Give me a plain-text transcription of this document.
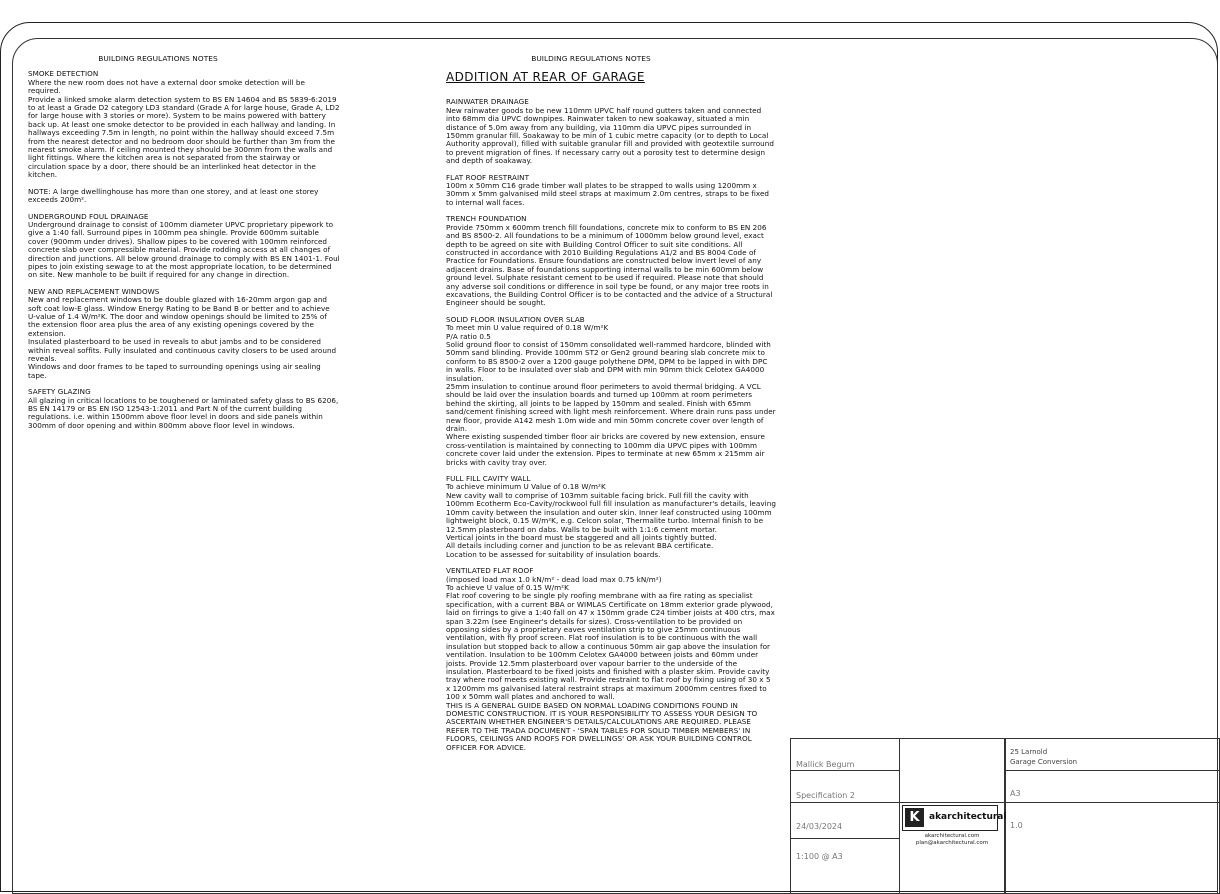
BUILDING REGULATIONS NOTES
SMOKE DETECTION

Where the new room does not have a external door smoke detection will be required.

Provide a linked smoke alarm detection system to BS EN 14604 and BS 5839-6:2019 to at least a Grade D2 category LD3 standard (Grade A for large house, Grade A, LD2 for large house with 3 stories or more). System to be mains powered with battery back up. At least one smoke detector to be provided in each hallway and landing. In hallways exceeding 7.5m in length, no point within the hallway should exceed 7.5m from the nearest detector and no bedroom door should be further than 3m from the nearest smoke alarm. If ceiling mounted they should be 300mm from the walls and light fittings. Where the kitchen area is not separated from the stairway or circulation space by a door, there should be an interlinked heat detector in the kitchen.

NOTE: A large dwellinghouse has more than one storey, and at least one storey exceeds 200m².

UNDERGROUND FOUL DRAINAGE

Underground drainage to consist of 100mm diameter UPVC proprietary pipework to give a 1:40 fall. Surround pipes in 100mm pea shingle. Provide 600mm suitable cover (900mm under drives). Shallow pipes to be covered with 100mm reinforced concrete slab over compressible material. Provide rodding access at all changes of direction and junctions. All below ground drainage to comply with BS EN 1401-1. Foul pipes to join existing sewage to at the most appropriate location, to be determined on site. New manhole to be built if required for any change in direction.

NEW AND REPLACEMENT WINDOWS

New and replacement windows to be double glazed with 16-20mm argon gap and soft coat low-E glass. Window Energy Rating to be Band B or better and to achieve U-value of 1.4 W/m²K. The door and window openings should be limited to 25% of the extension floor area plus the area of any existing openings covered by the extension.

Insulated plasterboard to be used in reveals to abut jambs and to be considered within reveal soffits. Fully insulated and continuous cavity closers to be used around reveals.

Windows and door frames to be taped to surrounding openings using air sealing tape.

SAFETY GLAZING

All glazing in critical locations to be toughened or laminated safety glass to BS 6206, BS EN 14179 or BS EN ISO 12543-1:2011 and Part N of the current building regulations. i.e. within 1500mm above floor level in doors and side panels within 300mm of door opening and within 800mm above floor level in windows.

BUILDING REGULATIONS NOTES
ADDITION AT REAR OF GARAGE
RAINWATER DRAINAGE

New rainwater goods to be new 110mm UPVC half round gutters taken and connected into 68mm dia UPVC downpipes. Rainwater taken to new soakaway, situated a min distance of 5.0m away from any building, via 110mm dia UPVC pipes surrounded in 150mm granular fill. Soakaway to be min of 1 cubic metre capacity (or to depth to Local Authority approval), filled with suitable granular fill and provided with geotextile surround to prevent migration of fines. If necessary carry out a porosity test to determine design and depth of soakaway.

FLAT ROOF RESTRAINT

100m x 50mm C16 grade timber wall plates to be strapped to walls using 1200mm x 30mm x 5mm galvanised mild steel straps at maximum 2.0m centres, straps to be fixed to internal wall faces.

TRENCH FOUNDATION

Provide 750mm x 600mm trench fill foundations, concrete mix to conform to BS EN 206 and BS 8500-2. All foundations to be a minimum of 1000mm below ground level, exact depth to be agreed on site with Building Control Officer to suit site conditions. All constructed in accordance with 2010 Building Regulations A1/2 and BS 8004 Code of Practice for Foundations. Ensure foundations are constructed below invert level of any adjacent drains. Base of foundations supporting internal walls to be min 600mm below ground level. Sulphate resistant cement to be used if required. Please note that should any adverse soil conditions or difference in soil type be found, or any major tree roots in excavations, the Building Control Officer is to be contacted and the advice of a Structural Engineer should be sought.

SOLID FLOOR INSULATION OVER SLAB

To meet min U value required of 0.18 W/m²K

P/A ratio 0.5

Solid ground floor to consist of 150mm consolidated well-rammed hardcore, blinded with 50mm sand blinding. Provide 100mm ST2 or Gen2 ground bearing slab concrete mix to conform to BS 8500-2 over a 1200 gauge polythene DPM, DPM to be lapped in with DPC in walls. Floor to be insulated over slab and DPM with min 90mm thick Celotex GA4000 insulation.

25mm insulation to continue around floor perimeters to avoid thermal bridging. A VCL should be laid over the insulation boards and turned up 100mm at room perimeters behind the skirting, all joints to be lapped by 150mm and sealed. Finish with 65mm sand/cement finishing screed with light mesh reinforcement. Where drain runs pass under new floor, provide A142 mesh 1.0m wide and min 50mm concrete cover over length of drain.

Where existing suspended timber floor air bricks are covered by new extension, ensure cross-ventilation is maintained by connecting to 100mm dia UPVC pipes with 100mm concrete cover laid under the extension. Pipes to terminate at new 65mm x 215mm air bricks with cavity tray over.

FULL FILL CAVITY WALL

To achieve minimum U Value of 0.18 W/m²K

New cavity wall to comprise of 103mm suitable facing brick. Full fill the cavity with 100mm Ecotherm Eco-Cavity/rockwool full fill insulation as manufacturer's details, leaving 10mm cavity between the insulation and outer skin. Inner leaf constructed using 100mm lightweight block, 0.15 W/m²K, e.g. Celcon solar, Thermalite turbo. Internal finish to be 12.5mm plasterboard on dabs. Walls to be built with 1:1:6 cement mortar.

Vertical joints in the board must be staggered and all joints tightly butted.

All details including corner and junction to be as relevant BBA certificate.

Location to be assessed for suitability of insulation boards.

VENTILATED FLAT ROOF

(imposed load max 1.0 kN/m² - dead load max 0.75 kN/m²)

To achieve U value of 0.15 W/m²K

Flat roof covering to be single ply roofing membrane with aa fire rating as specialist specification, with a current BBA or WIMLAS Certificate on 18mm exterior grade plywood, laid on firrings to give a 1:40 fall on 47 x 150mm grade C24 timber joists at 400 ctrs, max span 3.22m (see Engineer's details for sizes). Cross-ventilation to be provided on opposing sides by a proprietary eaves ventilation strip to give 25mm continuous ventilation, with fly proof screen. Flat roof insulation is to be continuous with the wall insulation but stopped back to allow a continuous 50mm air gap above the insulation for ventilation. Insulation to be 100mm Celotex GA4000 between joists and 60mm under joists. Provide 12.5mm plasterboard over vapour barrier to the underside of the insulation. Plasterboard to be fixed joists and finished with a plaster skim. Provide cavity tray where roof meets existing wall. Provide restraint to flat roof by fixing using of 30 x 5 x 1200mm ms galvanised lateral restraint straps at maximum 2000mm centres fixed to 100 x 50mm wall plates and anchored to wall.

THIS IS A GENERAL GUIDE BASED ON NORMAL LOADING CONDITIONS FOUND IN DOMESTIC CONSTRUCTION. IT IS YOUR RESPONSIBILITY TO ASSESS YOUR DESIGN TO ASCERTAIN WHETHER ENGINEER'S DETAILS/CALCULATIONS ARE REQUIRED. PLEASE REFER TO THE TRADA DOCUMENT - 'SPAN TABLES FOR SOLID TIMBER MEMBERS' IN FLOORS, CEILINGS AND ROOFS FOR DWELLINGS' OR ASK YOUR BUILDING CONTROL OFFICER FOR ADVICE.

Mallick Begum
Specification 2
24/03/2024
1:100 @ A3
25 Larnold
Garage Conversion
A3
1.0
K	akarchitectural
akarchitectural.com
plan@akarchitectural.com
